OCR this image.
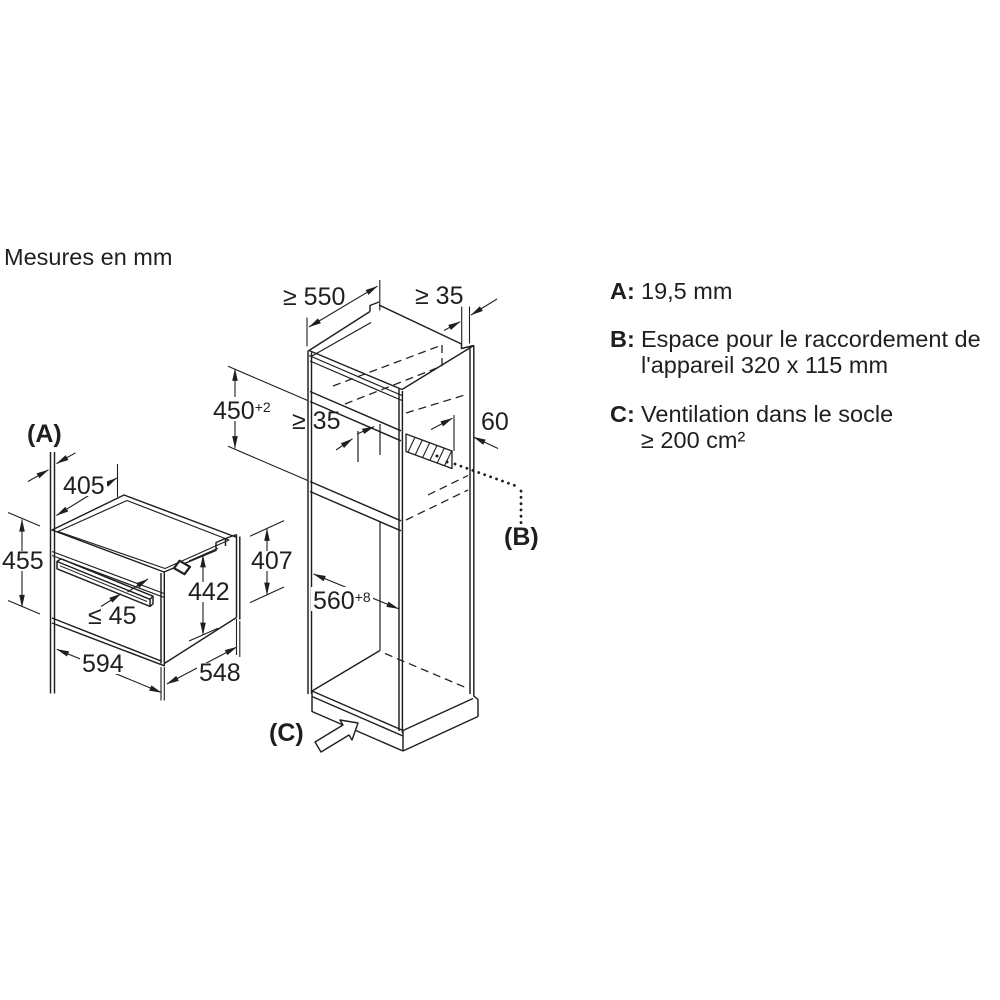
Mesures en mm
(A)
405
455
≤ 45
594	548
442
407
≥ 550	≥ 35
$450^{+2} \ge 35$	60
(B)
$560^{+8}$
(C)
A: 19,5 mm
B: Espace pour le raccordement de
l'appareil 320 x 115 mm
C: Ventilation dans le socle
≥ 200 cm²
